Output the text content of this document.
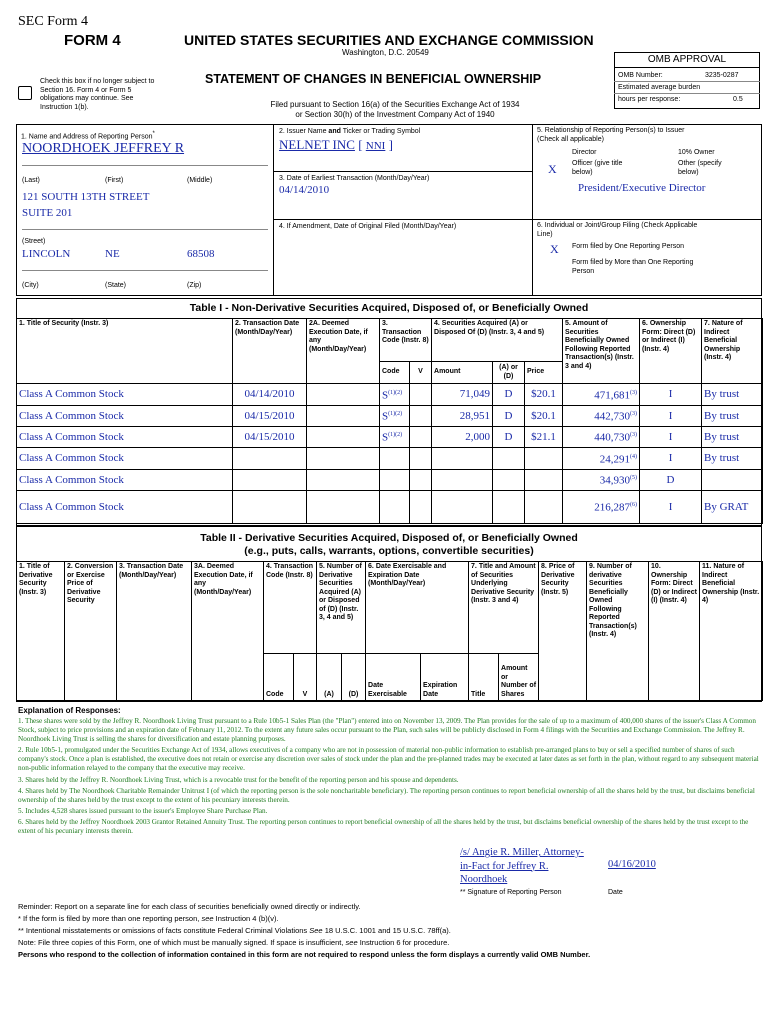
SEC Form 4
FORM 4	UNITED STATES SECURITIES AND EXCHANGE COMMISSION
Washington, D.C. 20549
Check this box if no longer subject to
Section 16. Form 4 or Form 5
obligations may continue. See
Instruction 1(b).
STATEMENT OF CHANGES IN BENEFICIAL OWNERSHIP
Filed pursuant to Section 16(a) of the Securities Exchange Act of 1934
or Section 30(h) of the Investment Company Act of 1940
OMB APPROVAL
OMB Number:	3235-0287
Estimated average burden
hours per response:	0.5
1. Name and Address of Reporting Person*
NOORDHOEK JEFFREY R
(Last)	(First)	(Middle)
121 SOUTH 13TH STREET
SUITE 201
(Street)
LINCOLN	NE	68508
(City)	(State)	(Zip)
2. Issuer Name and Ticker or Trading Symbol
NELNET INC [ NNI ]
3. Date of Earliest Transaction (Month/Day/Year)
04/14/2010
4. If Amendment, Date of Original Filed (Month/Day/Year)
5. Relationship of Reporting Person(s) to Issuer
(Check all applicable)
Director	10% Owner
X Officer (give title
below)
Other (specify
below)
President/Executive Director
6. Individual or Joint/Group Filing (Check Applicable
Line)
X Form filed by One Reporting Person
Form filed by More than One Reporting
Person
Table I - Non-Derivative Securities Acquired, Disposed of, or Beneficially Owned
1. Title of Security (Instr. 3)	2. Transaction Date (Month/Day/Year)	2A. Deemed Execution Date, if any (Month/Day/Year)	3. Transaction Code (Instr. 8)		4. Securities Acquired (A) or Disposed Of (D) (Instr. 3, 4 and 5)			5. Amount of Securities Beneficially Owned Following Reported Transaction(s) (Instr. 3 and 4)	6. Ownership Form: Direct (D) or Indirect (I) (Instr. 4)	7. Nature of Indirect Beneficial Ownership (Instr. 4)
			Code	V	Amount	(A) or (D)	Price			
Class A Common Stock	04/14/2010		$S^{(1)(2)}$		71,049	D	$20.1	471,681$^{(3)}$	I	By trust
Class A Common Stock	04/15/2010		$S^{(1)(2)}$		28,951	D	$20.1	442,730$^{(3)}$	I	By trust
Class A Common Stock	04/15/2010		$S^{(1)(2)}$		2,000	D	$21.1	440,730$^{(3)}$	I	By trust
Class A Common Stock								24,291$^{(4)}$	I	By trust
Class A Common Stock								34,930$^{(5)}$	D	
Class A Common Stock								216,287$^{(6)}$	I	By GRAT
Table II - Derivative Securities Acquired, Disposed of, or Beneficially Owned
(e.g., puts, calls, warrants, options, convertible securities)
1. Title of Derivative Security (Instr. 3)	2. Conversion or Exercise Price of Derivative Security	3. Transaction Date (Month/Day/Year)	3A. Deemed Execution Date, if any (Month/Day/Year)	4. Transaction Code (Instr. 8)		5. Number of Derivative Securities Acquired (A) or Disposed of (D) (Instr. 3, 4 and 5)		6. Date Exercisable and Expiration Date (Month/Day/Year)		7. Title and Amount of Securities Underlying Derivative Security (Instr. 3 and 4)		8. Price of Derivative Security (Instr. 5)	9. Number of derivative Securities Beneficially Owned Following Reported Transaction(s) (Instr. 4)	10. Ownership Form: Direct (D) or Indirect (I) (Instr. 4)	11. Nature of Indirect Beneficial Ownership (Instr. 4)
				Code	V	(A)	(D)	Date Exercisable	Expiration Date	Title	Amount or Number of Shares				
Explanation of Responses:
1. These shares were sold by the Jeffrey R. Noordhoek Living Trust pursuant to a Rule 10b5-1 Sales Plan (the "Plan") entered into on November 13, 2009. The Plan provides for the sale of up to a maximum of 400,000 shares of the issuer's Class A Common Stock, subject to price provisions and an expiration date of February 11, 2012. To the extent any future sales occur pursuant to the Plan, such sales will be publicly disclosed in Form 4 filings with the Securities and Exchange Commission. The Jeffrey R. Noordhoek Living Trust is selling the shares for diversification and estate planning purposes.
2. Rule 10b5-1, promulgated under the Securities Exchange Act of 1934, allows executives of a company who are not in possession of material non-public information to establish pre-arranged plans to buy or sell a specified number of shares of such company's stock. Once a plan is established, the executive does not retain or exercise any discretion over sales of stock under the plan and the pre-planned trades may be executed at later dates as set forth in the plan, without regard to any subsequent material non-public information relayed to the company that the executive may receive.
3. Shares held by the Jeffrey R. Noordhoek Living Trust, which is a revocable trust for the benefit of the reporting person and his spouse and dependents.
4. Shares held by The Noordhoek Charitable Remainder Unitrust I (of which the reporting person is the sole noncharitable beneficiary). The reporting person continues to report beneficial ownership of all the shares held by the trust, but disclaims beneficial ownership of the shares held by the trust except to the extent of his pecuniary interests therein.
5. Includes 4,528 shares issued pursuant to the issuer's Employee Share Purchase Plan.
6. Shares held by the Jeffrey Noordhoek 2003 Grantor Retained Annuity Trust. The reporting person continues to report beneficial ownership of all the shares held by the trust, but disclaims beneficial ownership of the shares held by the trust except to the extent of his pecuniary interests therein.
/s/ Angie R. Miller, Attorney-
in-Fact for Jeffrey R.
Noordhoek
04/16/2010
** Signature of Reporting Person	Date
Reminder: Report on a separate line for each class of securities beneficially owned directly or indirectly.
* If the form is filed by more than one reporting person, see Instruction 4 (b)(v).
** Intentional misstatements or omissions of facts constitute Federal Criminal Violations See 18 U.S.C. 1001 and 15 U.S.C. 78ff(a).
Note: File three copies of this Form, one of which must be manually signed. If space is insufficient, see Instruction 6 for procedure.
Persons who respond to the collection of information contained in this form are not required to respond unless the form displays a currently valid OMB Number.
